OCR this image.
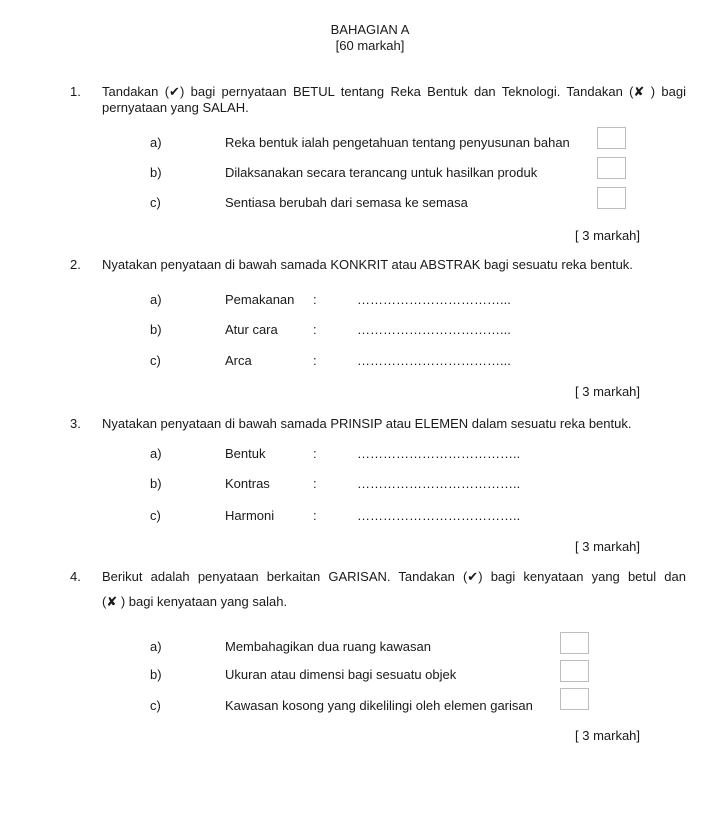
BAHAGIAN A
[60 markah]
1. Tandakan (✔) bagi pernyataan BETUL tentang Reka Bentuk dan Teknologi. Tandakan (✘ ) bagi
pernyataan yang SALAH.
a)	Reka bentuk ialah pengetahuan tentang penyusunan bahan
b)	Dilaksanakan secara terancang untuk hasilkan produk
c)	Sentiasa berubah dari semasa ke semasa
[ 3 markah]
2. Nyatakan penyataan di bawah samada KONKRIT atau ABSTRAK bagi sesuatu reka bentuk.
a)	Pemakanan :	……………………………...
b)	Atur cara	:	……………………………...
c)	Arca	:	……………………………...
[ 3 markah]
3. Nyatakan penyataan di bawah samada PRINSIP atau ELEMEN dalam sesuatu reka bentuk.
a)	Bentuk	:	………………………………..
b)	Kontras	:	………………………………..
c)	Harmoni	:	………………………………..
[ 3 markah]
4. Berikut adalah penyataan berkaitan GARISAN. Tandakan (✔) bagi kenyataan yang betul dan
(✘ ) bagi kenyataan yang salah.
a)	Membahagikan dua ruang kawasan
b)	Ukuran atau dimensi bagi sesuatu objek
c)	Kawasan kosong yang dikelilingi oleh elemen garisan
[ 3 markah]
